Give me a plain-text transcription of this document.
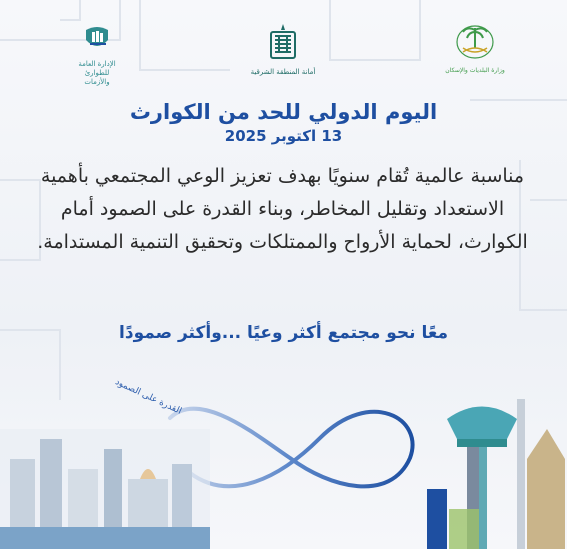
الإدارة العامة
للطوارئ والأزمات
أمانة المنطقة الشرقية	وزارة البلديات والإسكان
اليوم الدولي للحد من الكوارث
13 اكتوبر 2025
مناسبة عالمية تُقام سنويًا بهدف تعزيز الوعي المجتمعي بأهمية الاستعداد وتقليل المخاطر، وبناء القدرة على الصمود أمام الكوارث، لحماية الأرواح والممتلكات وتحقيق التنمية المستدامة.
معًا نحو مجتمع أكثر وعيًا ...وأكثر صمودًا
القدرة على الصمود
